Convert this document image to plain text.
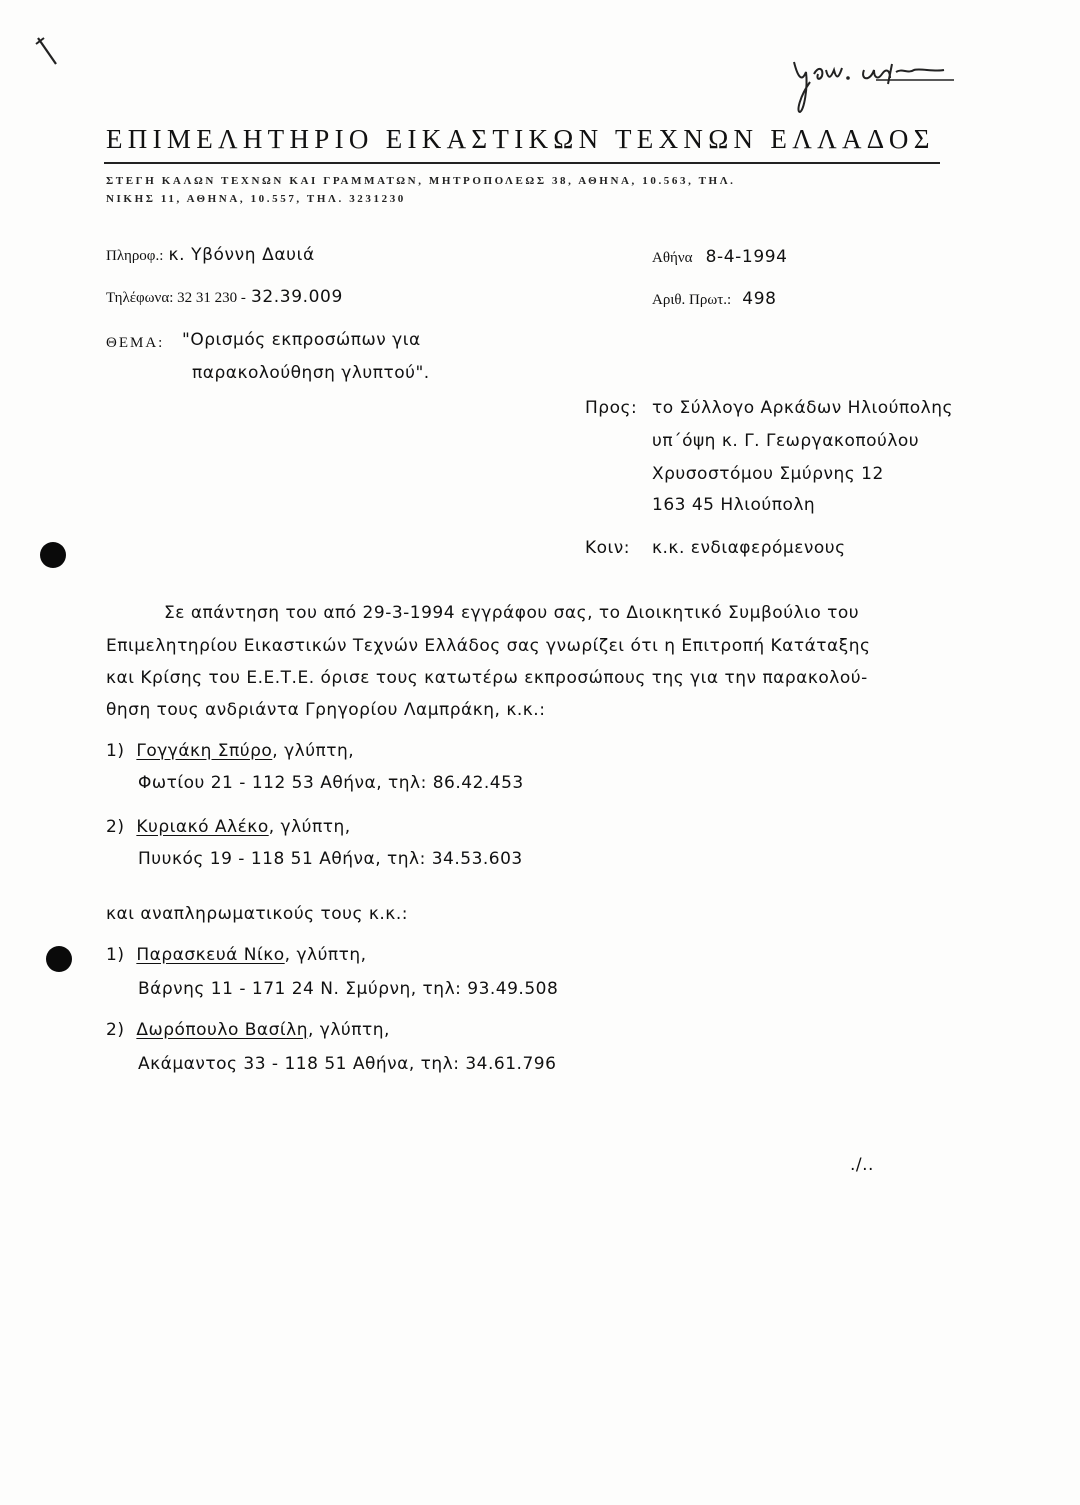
ΕΠΙΜΕΛΗΤΗΡΙΟ ΕΙΚΑΣΤΙΚΩΝ ΤΕΧΝΩΝ ΕΛΛΑΔΟΣ
ΣΤΕΓΗ ΚΑΛΩΝ ΤΕΧΝΩΝ ΚΑΙ ΓΡΑΜΜΑΤΩΝ, ΜΗΤΡΟΠΟΛΕΩΣ 38, ΑΘΗΝΑ, 10.563, ΤΗΛ.
ΝΙΚΗΣ 11, ΑΘΗΝΑ, 10.557, ΤΗΛ. 3231230
Πληροφ.: κ. Υβόννη Δαυιά
Τηλέφωνα: 32 31 230 - 32.39.009
Αθήνα 8-4-1994
Αριθ. Πρωτ.: 498
ΘΕΜΑ: "Ορισμός εκπροσώπων για
παρακολούθηση γλυπτού".
Προς: το Σύλλογο Αρκάδων Ηλιούπολης
υπ΄όψη κ. Γ. Γεωργακοπούλου
Χρυσοστόμου Σμύρνης 12
163 45 Ηλιούπολη
Κοιν: κ.κ. ενδιαφερόμενους
Σε απάντηση του από 29-3-1994 εγγράφου σας, το Διοικητικό Συμβούλιο του
Επιμελητηρίου Εικαστικών Τεχνών Ελλάδος σας γνωρίζει ότι η Επιτροπή Κατάταξης
και Κρίσης του Ε.Ε.Τ.Ε. όρισε τους κατωτέρω εκπροσώπους της για την παρακολού-
θηση τους ανδριάντα Γρηγορίου Λαμπράκη, κ.κ.:
1) Γογγάκη Σπύρο, γλύπτη,
Φωτίου 21 - 112 53 Αθήνα, τηλ: 86.42.453
2) Κυριακό Αλέκο, γλύπτη,
Πυυκός 19 - 118 51 Αθήνα, τηλ: 34.53.603
και αναπληρωματικούς τους κ.κ.:
1) Παρασκευά Νίκο, γλύπτη,
Βάρνης 11 - 171 24 Ν. Σμύρνη, τηλ: 93.49.508
2) Δωρόπουλο Βασίλη, γλύπτη,
Ακάμαντος 33 - 118 51 Αθήνα, τηλ: 34.61.796
./..
